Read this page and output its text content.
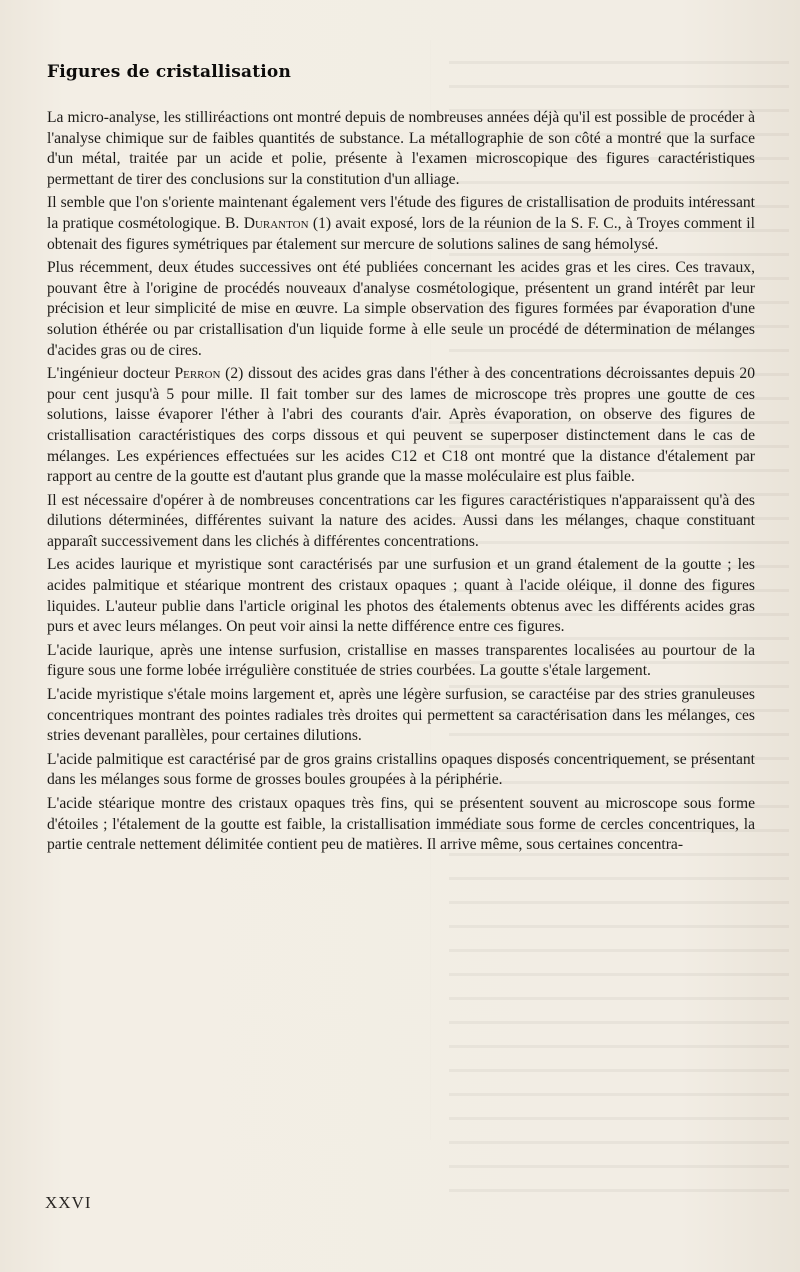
Figures de cristallisation

La micro-analyse, les stilliréactions ont montré depuis de nombreuses années déjà qu'il est possible de procéder à l'analyse chimique sur de faibles quantités de substance. La métallographie de son côté a montré que la surface d'un métal, traitée par un acide et polie, présente à l'examen microscopique des figures caractéristiques permettant de tirer des conclusions sur la constitution d'un alliage.

Il semble que l'on s'oriente maintenant également vers l'étude des figures de cristallisation de produits intéressant la pratique cosmétologique. B. Duranton (1) avait exposé, lors de la réunion de la S. F. C., à Troyes comment il obtenait des figures symétriques par étalement sur mercure de solutions salines de sang hémolysé.

Plus récemment, deux études successives ont été publiées concernant les acides gras et les cires. Ces travaux, pouvant être à l'origine de procédés nouveaux d'analyse cosmétologique, présentent un grand intérêt par leur précision et leur simplicité de mise en œuvre. La simple observation des figures formées par évaporation d'une solution éthérée ou par cristallisation d'un liquide forme à elle seule un procédé de détermination de mélanges d'acides gras ou de cires.

L'ingénieur docteur Perron (2) dissout des acides gras dans l'éther à des concentrations décroissantes depuis 20 pour cent jusqu'à 5 pour mille. Il fait tomber sur des lames de microscope très propres une goutte de ces solutions, laisse évaporer l'éther à l'abri des courants d'air. Après évaporation, on observe des figures de cristallisation caractéristiques des corps dissous et qui peuvent se superposer distinctement dans le cas de mélanges. Les expériences effectuées sur les acides C12 et C18 ont montré que la distance d'étalement par rapport au centre de la goutte est d'autant plus grande que la masse moléculaire est plus faible.

Il est nécessaire d'opérer à de nombreuses concentrations car les figures caractéristiques n'apparaissent qu'à des dilutions déterminées, différentes suivant la nature des acides. Aussi dans les mélanges, chaque constituant apparaît successivement dans les clichés à différentes concentrations.

Les acides laurique et myristique sont caractérisés par une surfusion et un grand étalement de la goutte ; les acides palmitique et stéarique montrent des cristaux opaques ; quant à l'acide oléique, il donne des figures liquides. L'auteur publie dans l'article original les photos des étalements obtenus avec les différents acides gras purs et avec leurs mélanges. On peut voir ainsi la nette différence entre ces figures.

L'acide laurique, après une intense surfusion, cristallise en masses transparentes localisées au pourtour de la figure sous une forme lobée irrégulière constituée de stries courbées. La goutte s'étale largement.

L'acide myristique s'étale moins largement et, après une légère surfusion, se caractéise par des stries granuleuses concentriques montrant des pointes radiales très droites qui permettent sa caractérisation dans les mélanges, ces stries devenant parallèles, pour certaines dilutions.

L'acide palmitique est caractérisé par de gros grains cristallins opaques disposés concentriquement, se présentant dans les mélanges sous forme de grosses boules groupées à la périphérie.

L'acide stéarique montre des cristaux opaques très fins, qui se présentent souvent au microscope sous forme d'étoiles ; l'étalement de la goutte est faible, la cristallisation immédiate sous forme de cercles concentriques, la partie centrale nettement délimitée contient peu de matières. Il arrive même, sous certaines concentra-

XXVI
